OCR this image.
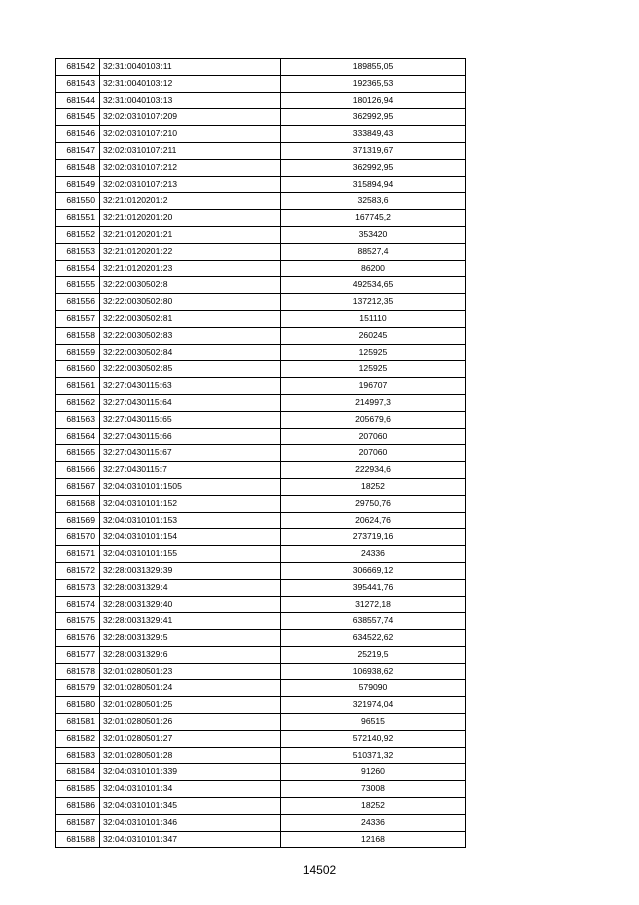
681542	32:31:0040103:11	189855,05
681543	32:31:0040103:12	192365,53
681544	32:31:0040103:13	180126,94
681545	32:02:0310107:209	362992,95
681546	32:02:0310107:210	333849,43
681547	32:02:0310107:211	371319,67
681548	32:02:0310107:212	362992,95
681549	32:02:0310107:213	315894,94
681550	32:21:0120201:2	32583,6
681551	32:21:0120201:20	167745,2
681552	32:21:0120201:21	353420
681553	32:21:0120201:22	88527,4
681554	32:21:0120201:23	86200
681555	32:22:0030502:8	492534,65
681556	32:22:0030502:80	137212,35
681557	32:22:0030502:81	151110
681558	32:22:0030502:83	260245
681559	32:22:0030502:84	125925
681560	32:22:0030502:85	125925
681561	32:27:0430115:63	196707
681562	32:27:0430115:64	214997,3
681563	32:27:0430115:65	205679,6
681564	32:27:0430115:66	207060
681565	32:27:0430115:67	207060
681566	32:27:0430115:7	222934,6
681567	32:04:0310101:1505	18252
681568	32:04:0310101:152	29750,76
681569	32:04:0310101:153	20624,76
681570	32:04:0310101:154	273719,16
681571	32:04:0310101:155	24336
681572	32:28:0031329:39	306669,12
681573	32:28:0031329:4	395441,76
681574	32:28:0031329:40	31272,18
681575	32:28:0031329:41	638557,74
681576	32:28:0031329:5	634522,62
681577	32:28:0031329:6	25219,5
681578	32:01:0280501:23	106938,62
681579	32:01:0280501:24	579090
681580	32:01:0280501:25	321974,04
681581	32:01:0280501:26	96515
681582	32:01:0280501:27	572140,92
681583	32:01:0280501:28	510371,32
681584	32:04:0310101:339	91260
681585	32:04:0310101:34	73008
681586	32:04:0310101:345	18252
681587	32:04:0310101:346	24336
681588	32:04:0310101:347	12168
14502
